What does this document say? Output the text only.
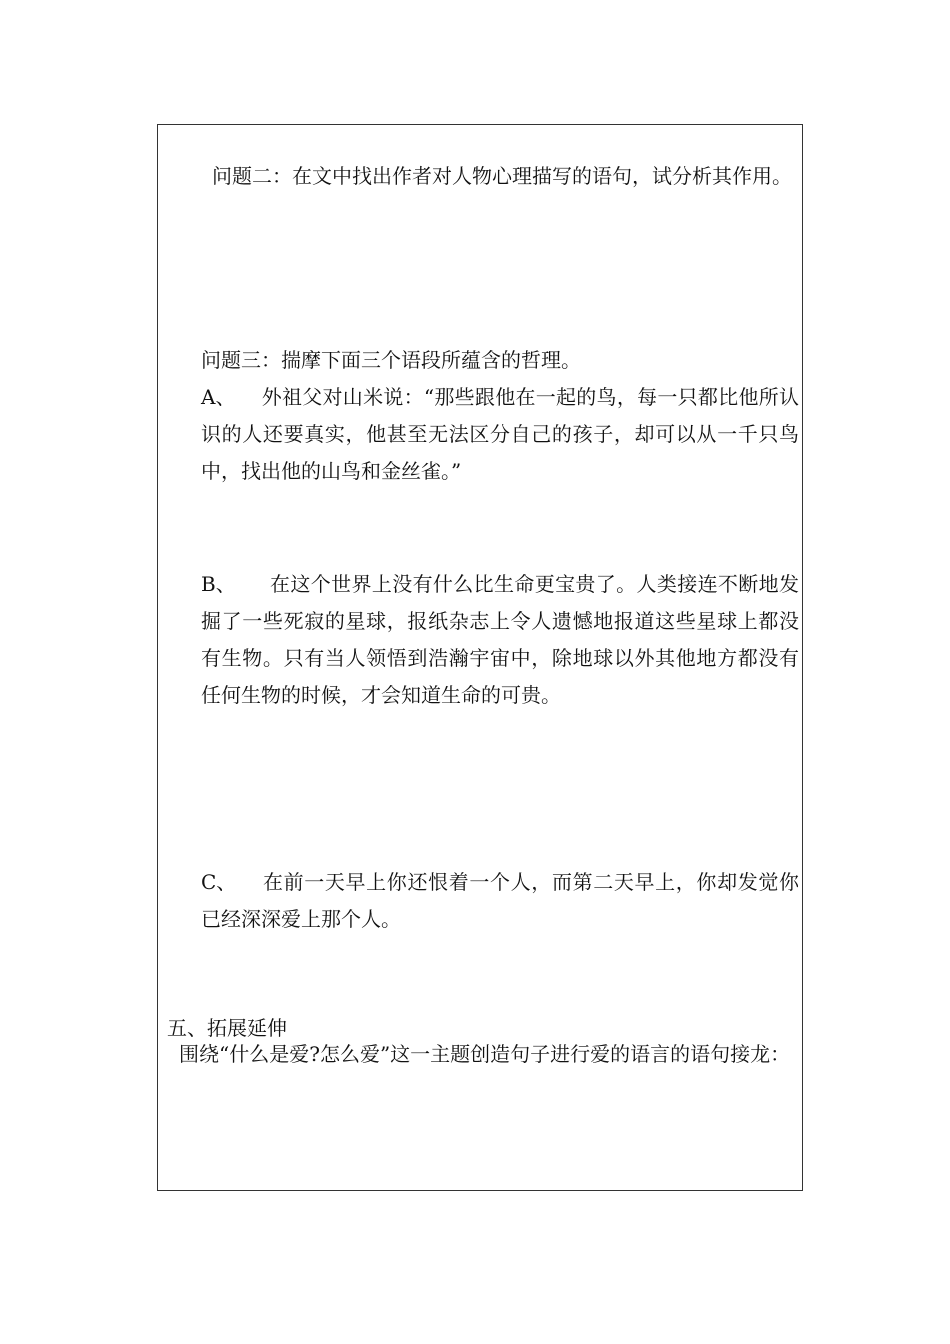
问题二：在文中找出作者对人物心理描写的语句，试分析其作用。
问题三：揣摩下面三个语段所蕴含的哲理。
A、 外祖父对山米说：“那些跟他在一起的鸟，每一只都比他所认识的人还要真实，他甚至无法区分自己的孩子，却可以从一千只鸟中，找出他的山鸟和金丝雀。”
B、 在这个世界上没有什么比生命更宝贵了。人类接连不断地发掘了一些死寂的星球，报纸杂志上令人遗憾地报道这些星球上都没有生物。只有当人领悟到浩瀚宇宙中，除地球以外其他地方都没有任何生物的时候，才会知道生命的可贵。
C、 在前一天早上你还恨着一个人，而第二天早上，你却发觉你已经深深爱上那个人。
五、拓展延伸
围绕“什么是爱?怎么爱”这一主题创造句子进行爱的语言的语句接龙：
